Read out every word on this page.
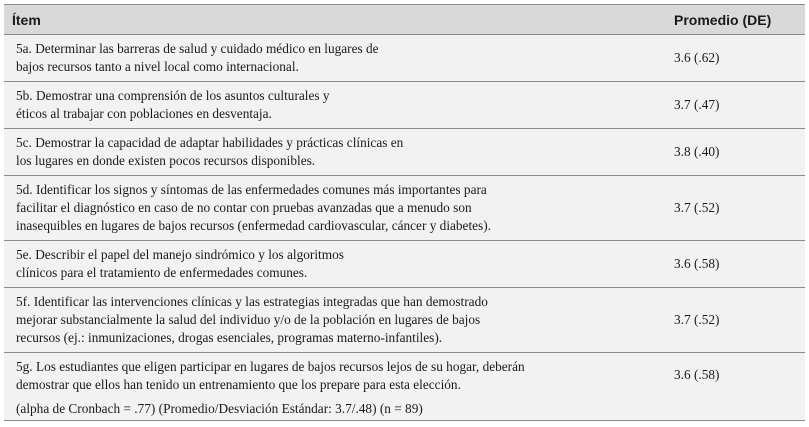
Ítem	Promedio (DE)
5a. Determinar las barreras de salud y cuidado médico en lugares de
bajos recursos tanto a nivel local como internacional.
3.6 (.62)
5b. Demostrar una comprensión de los asuntos culturales y
éticos al trabajar con poblaciones en desventaja.
3.7 (.47)
5c. Demostrar la capacidad de adaptar habilidades y prácticas clínicas en
los lugares en donde existen pocos recursos disponibles.
3.8 (.40)
5d. Identificar los signos y síntomas de las enfermedades comunes más importantes para
facilitar el diagnóstico en caso de no contar con pruebas avanzadas que a menudo son
inasequibles en lugares de bajos recursos (enfermedad cardiovascular, cáncer y diabetes).
3.7 (.52)
5e. Describir el papel del manejo sindrómico y los algoritmos
clínicos para el tratamiento de enfermedades comunes.
3.6 (.58)
5f. Identificar las intervenciones clínicas y las estrategias integradas que han demostrado
mejorar substancialmente la salud del individuo y/o de la población en lugares de bajos
recursos (ej.: inmunizaciones, drogas esenciales, programas materno-infantiles).
3.7 (.52)
5g. Los estudiantes que eligen participar en lugares de bajos recursos lejos de su hogar, deberán
demostrar que ellos han tenido un entrenamiento que los prepare para esta elección.
(alpha de Cronbach = .77) (Promedio/Desviación Estándar: 3.7/.48) (n = 89)
3.6 (.58)
